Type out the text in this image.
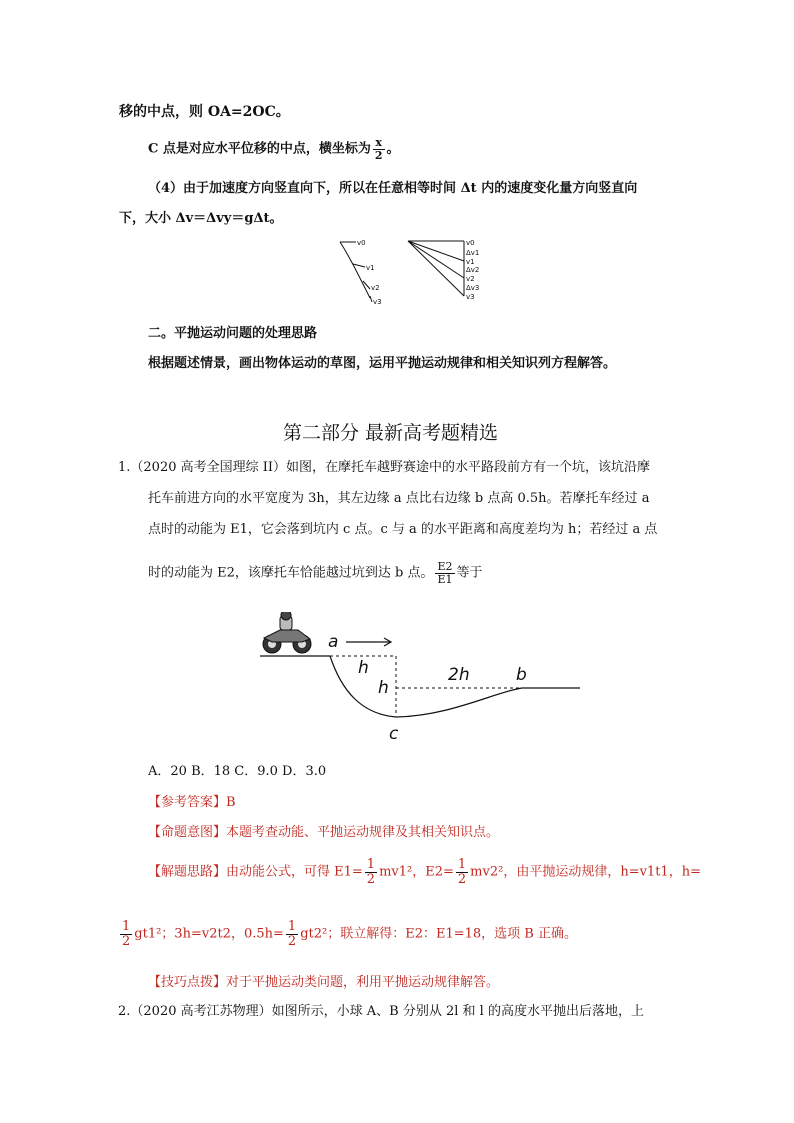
移的中点，则 OA=2OC。
C 点是对应水平位移的中点，横坐标为 $\frac{x}{2}$ 。
（4）由于加速度方向竖直向下，所以在任意相等时间 Δt 内的速度变化量方向竖直向
下，大小 Δv＝Δvy＝gΔt。
v0
v1
v2
v3
v0
Δv1
v1
Δv2
v2
Δv3
v3
二。平抛运动问题的处理思路
根据题述情景，画出物体运动的草图，运用平抛运动规律和相关知识列方程解答。
第二部分 最新高考题精选
1.（2020 高考全国理综 II）如图，在摩托车越野赛途中的水平路段前方有一个坑，该坑沿摩
托车前进方向的水平宽度为 3h，其左边缘 a 点比右边缘 b 点高 0.5h。若摩托车经过 a
点时的动能为 E1，它会落到坑内 c 点。c 与 a 的水平距离和高度差均为 h；若经过 a 点
时的动能为 E2，该摩托车恰能越过坑到达 b 点。 $\frac{E2}{E1}$ 等于
a
h
h
2h	b
c
A．20 B．18 C．9.0 D．3.0
【参考答案】B
【命题意图】本题考查动能、平抛运动规律及其相关知识点。
【解题思路】由动能公式，可得 $E1= \frac{1}{2} mv1^2$，$E2= \frac{1}{2} mv2^2$，由平抛运动规律，h=v1t1，h=
$\frac{1}{2} gt1^2$；3h=v2t2，$0.5h= \frac{1}{2} gt2^2$；联立解得：E2：E1=18，选项 B 正确。
【技巧点拨】对于平抛运动类问题，利用平抛运动规律解答。
2.（2020 高考江苏物理）如图所示，小球 A、B 分别从 2l 和 l 的高度水平抛出后落地，上
